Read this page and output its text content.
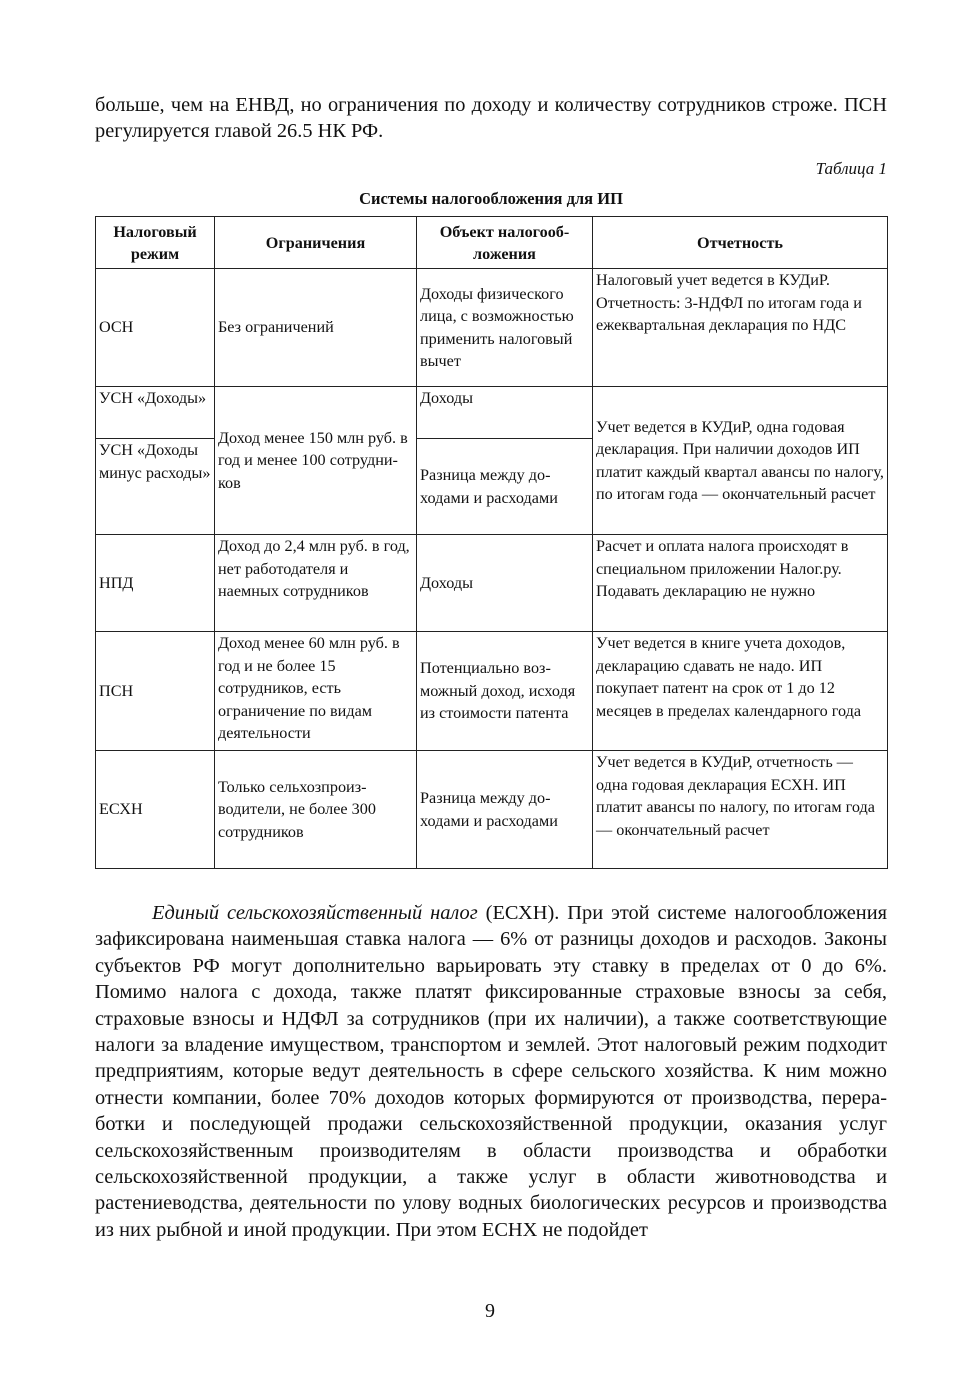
больше, чем на ЕНВД, но ограничения по доходу и количеству сотрудников строже. ПСН регулируется главой 26.5 НК РФ.

Таблица 1
Системы налогообложения для ИП
Налоговый режим	Ограничения	Объект налогообложения	Отчетность
ОСН	Без ограничений	Доходы физического лица, с возможностью применить налоговый вычет	Налоговый учет ведется в КУДиР. Отчетность: 3-НДФЛ по итогам года и ежеквартальная декларация по НДС
УСН «Доходы»	Доход менее 150 млн руб. в год и менее 100 сотрудников	Доходы	Учет ведется в КУДиР, одна годовая декларация. При наличии доходов ИП платит каждый квартал авансы по налогу, по итогам года — окончательный расчет
УСН «Доходы минус расходы»		Разница между доходами и расходами	
НПД	Доход до 2,4 млн руб. в год, нет работодателя и наемных сотрудников	Доходы	Расчет и оплата налога происходят в специальном приложении Налог.ру. Подавать декларацию не нужно
ПСН	Доход менее 60 млн руб. в год и не более 15 сотрудников, есть ограничение по видам деятельности	Потенциально возможный доход, исходя из стоимости патента	Учет ведется в книге учета доходов, декларацию сдавать не надо. ИП покупает патент на срок от 1 до 12 месяцев в пределах календарного года
ЕСХН	Только сельхозпроизводители, не более 300 сотрудников	Разница между доходами и расходами	Учет ведется в КУДиР, отчетность — одна годовая декларация ЕСХН. ИП платит авансы по налогу, по итогам года — окончательный расчет

Единый сельскохозяйственный налог (ЕСХН). При этой системе налогообложения зафиксирована наименьшая ставка налога — 6% от разницы доходов и расходов. Законы субъектов РФ могут дополнительно варьировать эту ставку в пределах от 0 до 6%. Помимо налога с дохода, также платят фиксированные страховые взносы за себя, страховые взносы и НДФЛ за сотрудников (при их наличии), а также соответствующие налоги за владение имуществом, транспортом и землей. Этот налоговый режим подходит предприятиям, которые ведут деятельность в сфере сельского хозяйства. К ним можно отнести компании, более 70% доходов которых формируются от производства, переработки и последующей продажи сельскохозяйственной продукции, оказания услуг сельскохозяйственным производителям в области производства и обработки сельскохозяйственной продукции, а также услуг в области животноводства и растениеводства, деятельности по улову водных биологических ресурсов и производства из них рыбной и иной продукции. При этом ЕСНХ не подойдет

9
